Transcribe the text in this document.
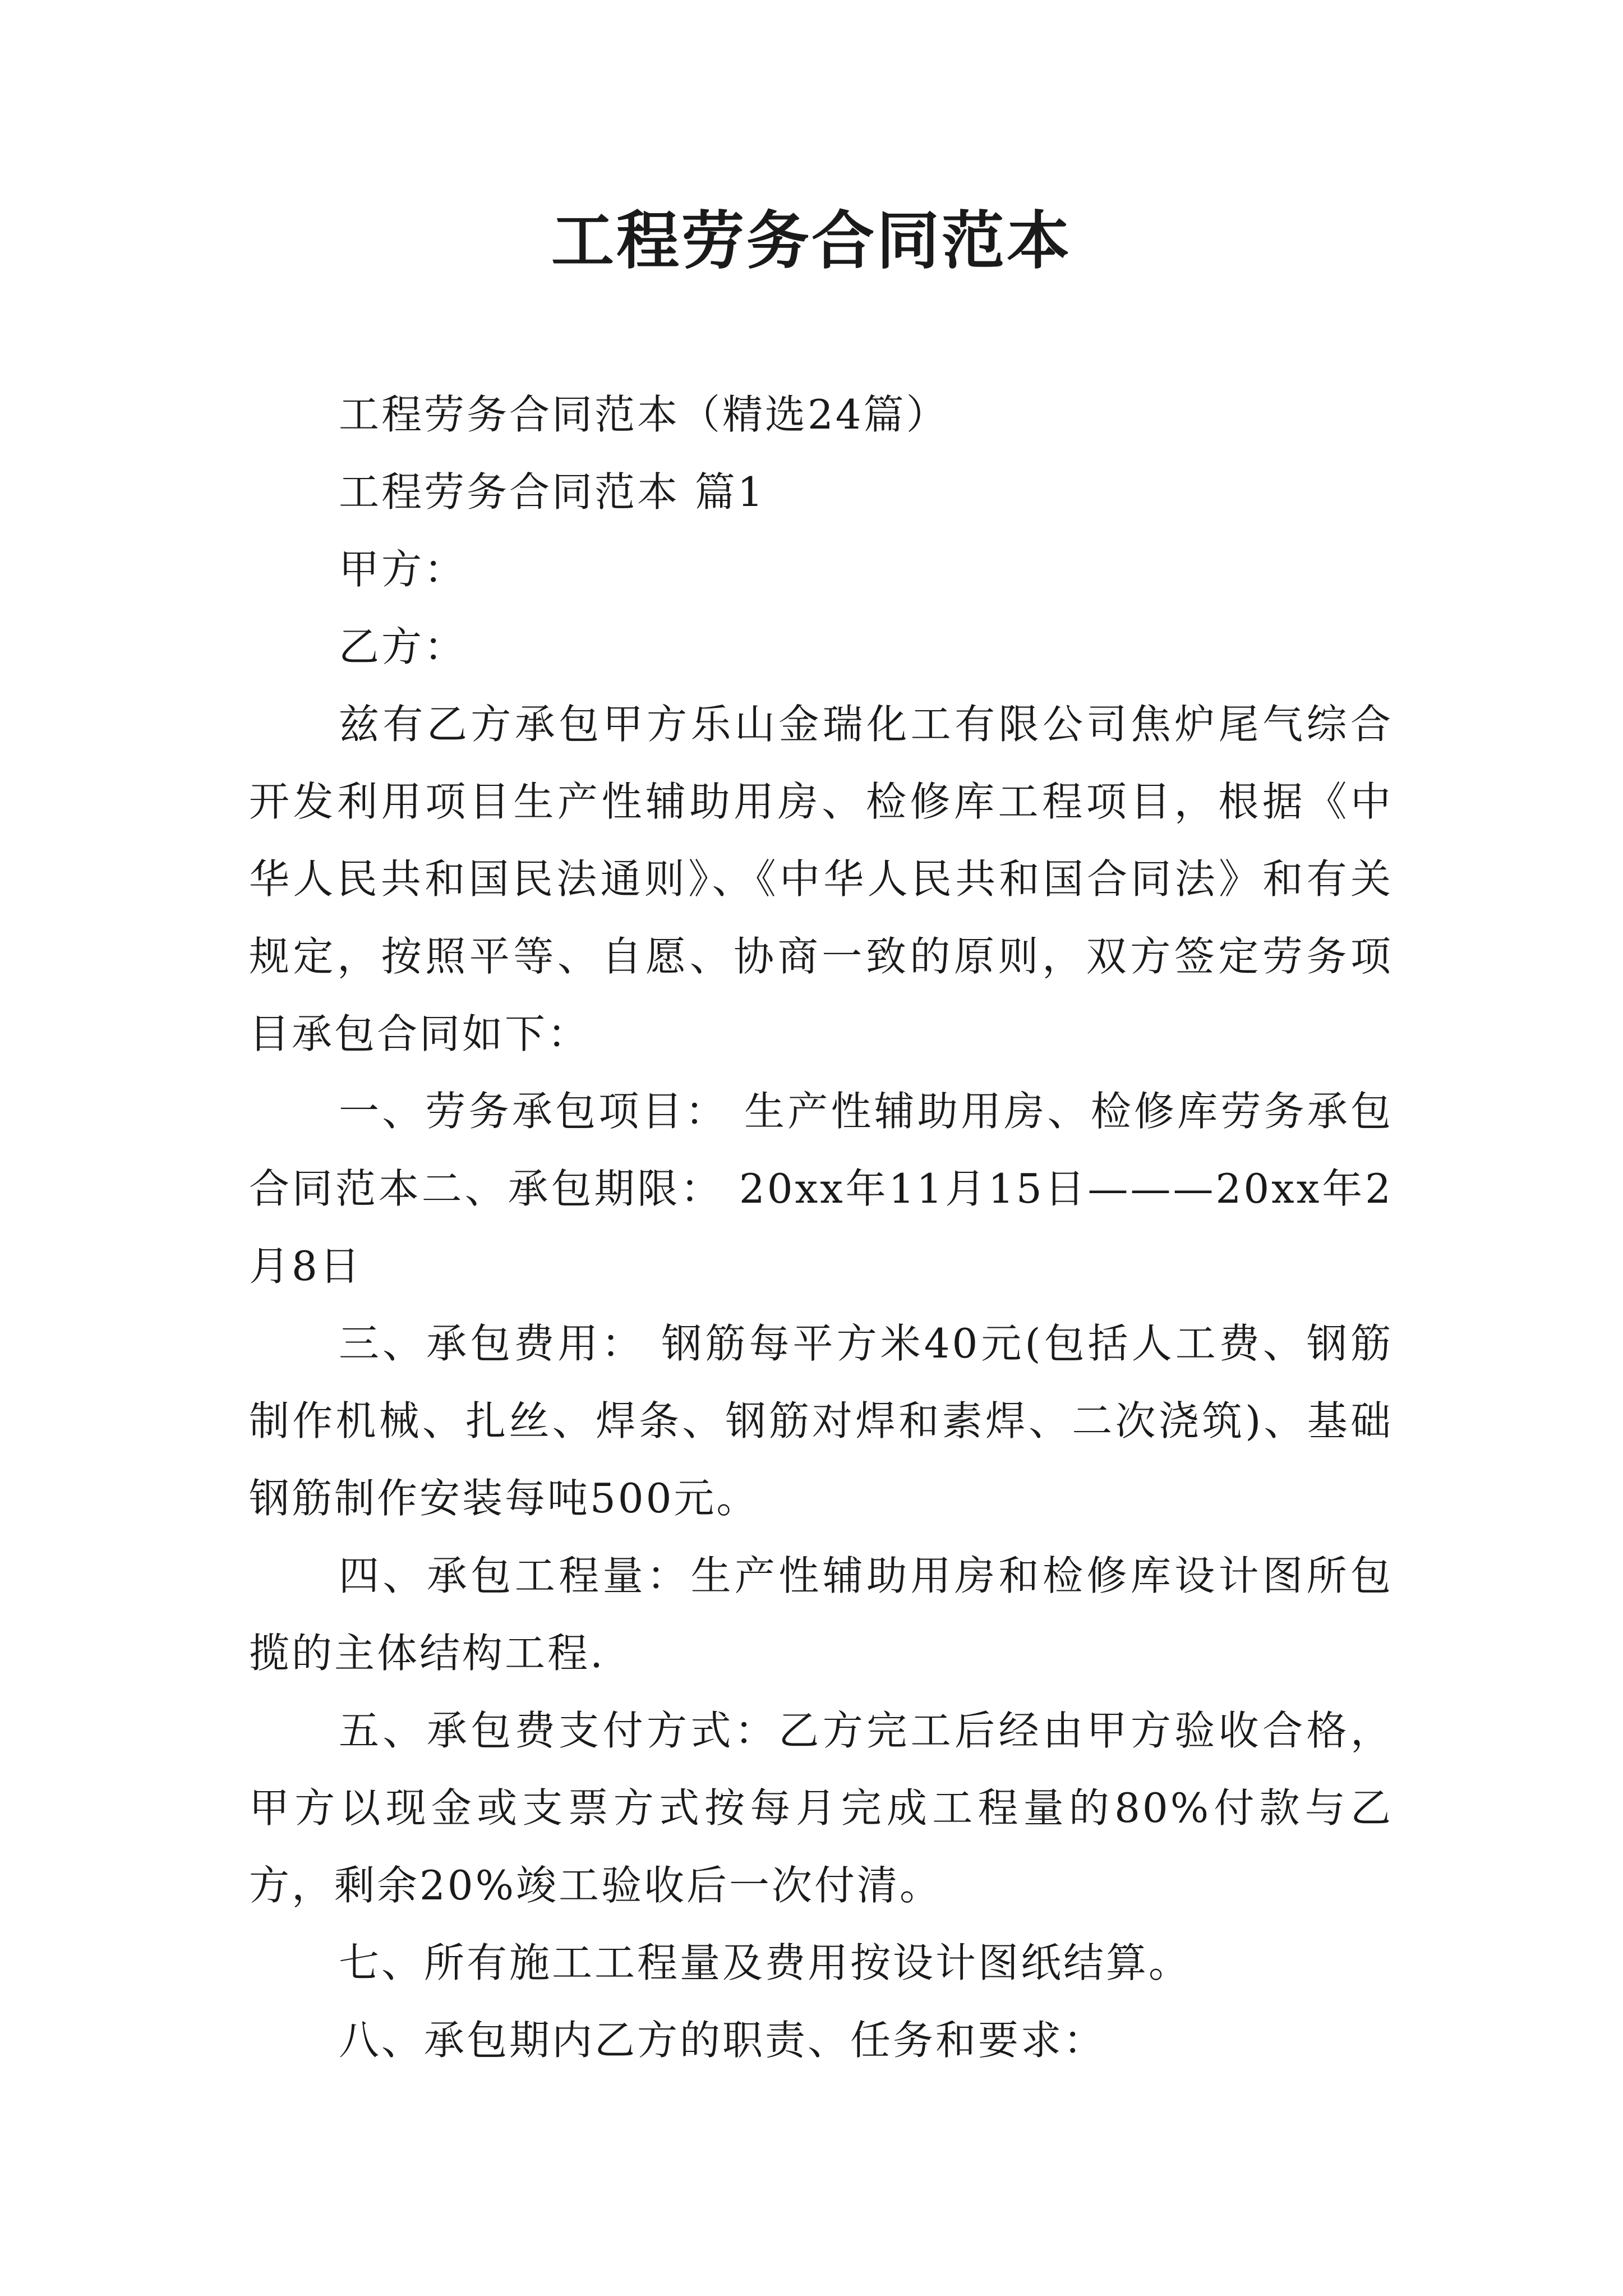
工程劳务合同范本

工程劳务合同范本（精选24篇）

工程劳务合同范本 篇1

甲方：

乙方：

兹有乙方承包甲方乐山金瑞化工有限公司焦炉尾气综合开发利用项目生产性辅助用房、检修库工程项目，根据《中华人民共和国民法通则》、《中华人民共和国合同法》和有关规定，按照平等、自愿、协商一致的原则，双方签定劳务项目承包合同如下：

一、劳务承包项目： 生产性辅助用房、检修库劳务承包合同范本二、承包期限： 20xx年11月15日———20xx年2月8日

三、承包费用： 钢筋每平方米40元(包括人工费、钢筋制作机械、扎丝、焊条、钢筋对焊和素焊、二次浇筑)、基础钢筋制作安装每吨500元。

四、承包工程量：生产性辅助用房和检修库设计图所包揽的主体结构工程.

五、承包费支付方式：乙方完工后经由甲方验收合格，甲方以现金或支票方式按每月完成工程量的80%付款与乙方，剩余20%竣工验收后一次付清。

七、所有施工工程量及费用按设计图纸结算。

八、承包期内乙方的职责、任务和要求：
